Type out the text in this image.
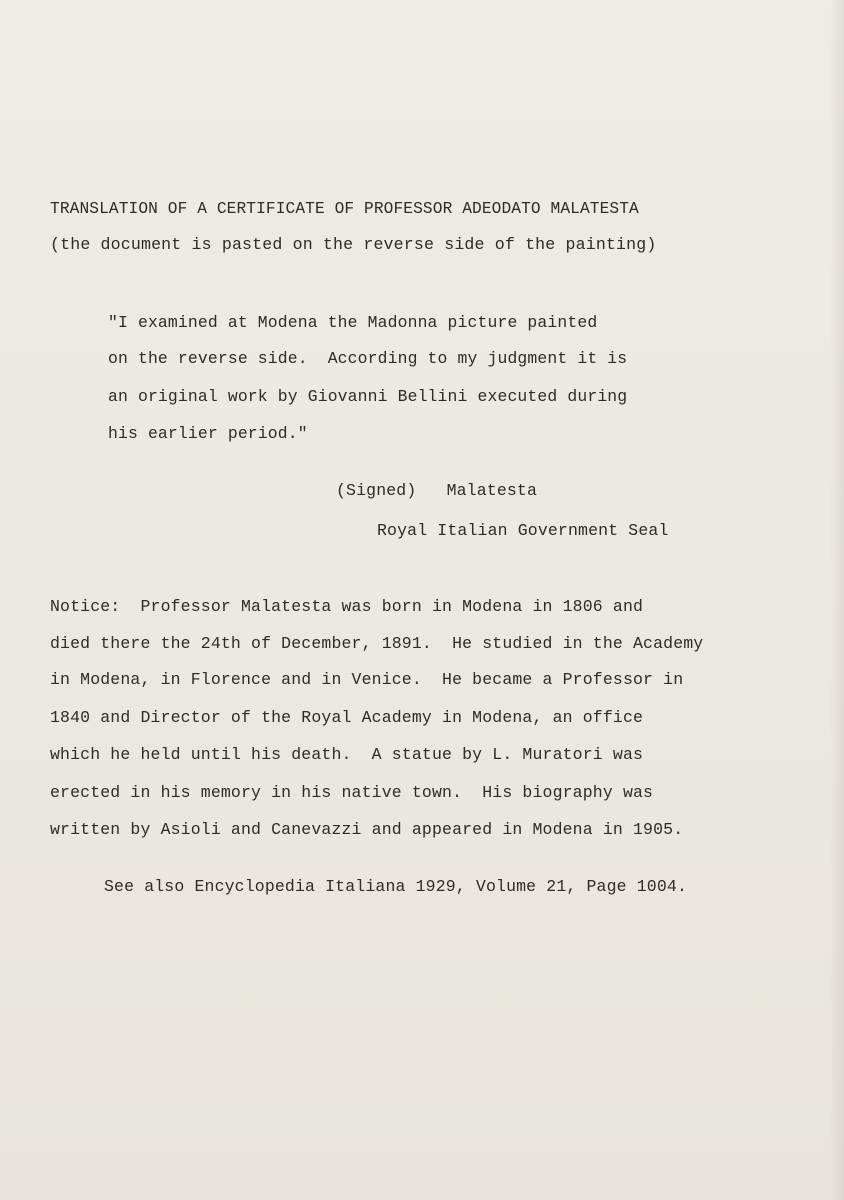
TRANSLATION OF A CERTIFICATE OF PROFESSOR ADEODATO MALATESTA
(the document is pasted on the reverse side of the painting)
"I examined at Modena the Madonna picture painted
on the reverse side.  According to my judgment it is
an original work by Giovanni Bellini executed during
his earlier period."
(Signed)   Malatesta
Royal Italian Government Seal
Notice:  Professor Malatesta was born in Modena in 1806 and
died there the 24th of December, 1891.  He studied in the Academy
in Modena, in Florence and in Venice.  He became a Professor in
1840 and Director of the Royal Academy in Modena, an office
which he held until his death.  A statue by L. Muratori was
erected in his memory in his native town.  His biography was
written by Asioli and Canevazzi and appeared in Modena in 1905.
See also Encyclopedia Italiana 1929, Volume 21, Page 1004.
